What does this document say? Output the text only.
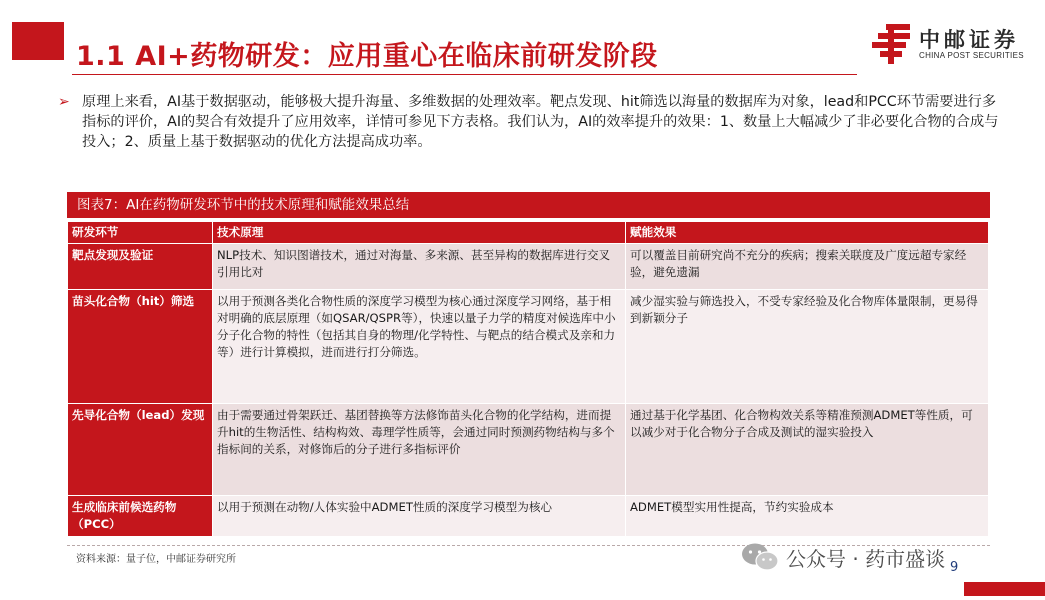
1.1 AI+药物研发：应用重心在临床前研发阶段
中邮证券
CHINA POST SECURITIES
➢ 原理上来看，AI基于数据驱动，能够极大提升海量、多维数据的处理效率。靶点发现、hit筛选以海量的数据库为对象，lead和PCC环节需要进行多指标的评价，AI的契合有效提升了应用效率，详情可参见下方表格。我们认为，AI的效率提升的效果：1、数量上大幅减少了非必要化合物的合成与投入；2、质量上基于数据驱动的优化方法提高成功率。
图表7：AI在药物研发环节中的技术原理和赋能效果总结
研发环节	技术原理	赋能效果
靶点发现及验证	NLP技术、知识图谱技术，通过对海量、多来源、甚至异构的数据库进行交叉引用比对	可以覆盖目前研究尚不充分的疾病；搜索关联度及广度远超专家经验，避免遗漏
苗头化合物（hit）筛选	以用于预测各类化合物性质的深度学习模型为核心通过深度学习网络，基于相对明确的底层原理（如QSAR/QSPR等），快速以量子力学的精度对候选库中小分子化合物的特性（包括其自身的物理/化学特性、与靶点的结合模式及亲和力等）进行计算模拟，进而进行打分筛选。	减少湿实验与筛选投入，不受专家经验及化合物库体量限制，更易得到新颖分子
先导化合物（lead）发现	由于需要通过骨架跃迁、基团替换等方法修饰苗头化合物的化学结构，进而提升hit的生物活性、结构构效、毒理学性质等，会通过同时预测药物结构与多个指标间的关系，对修饰后的分子进行多指标评价	通过基于化学基团、化合物构效关系等精准预测ADMET等性质，可以减少对于化合物分子合成及测试的湿实验投入
生成临床前候选药物（PCC）	以用于预测在动物/人体实验中ADMET性质的深度学习模型为核心	ADMET模型实用性提高，节约实验成本
资料来源：量子位，中邮证券研究所	公众号 · 药市盛谈 9
